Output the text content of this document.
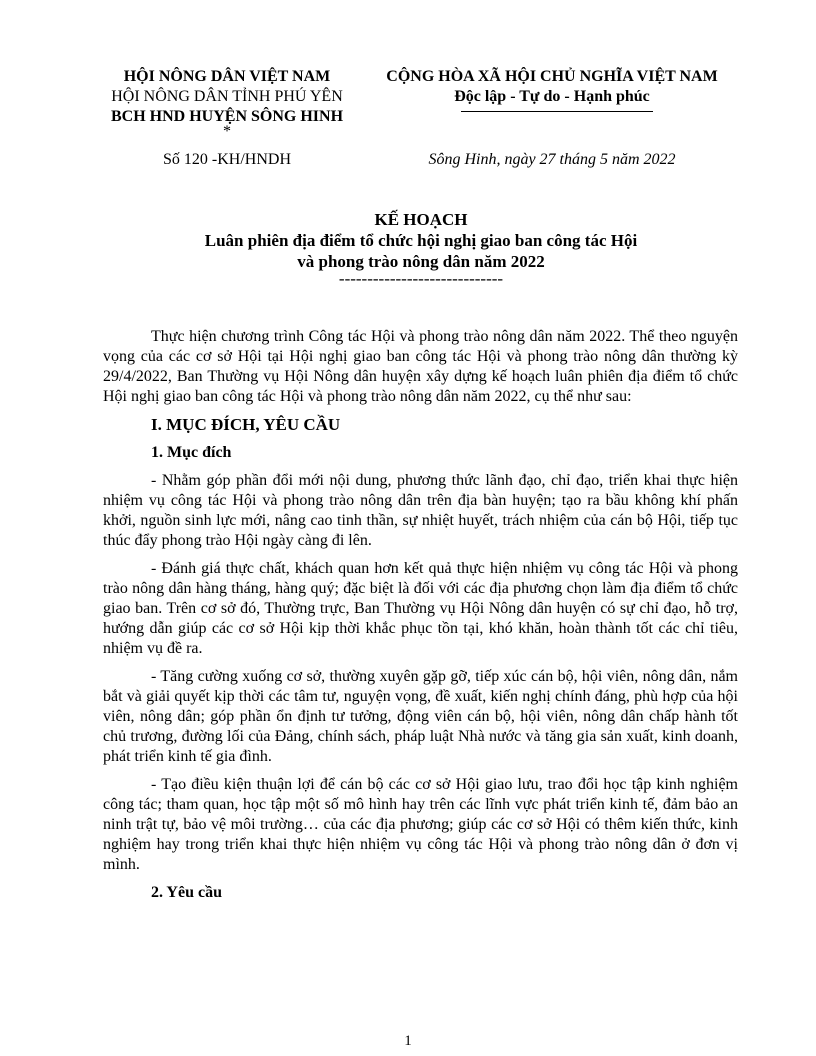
HỘI NÔNG DÂN VIỆT NAM
HỘI NÔNG DÂN TỈNH PHÚ YÊN
BCH HND HUYỆN SÔNG HINH
*
CỘNG HÒA XÃ HỘI CHỦ NGHĨA VIỆT NAM
Độc lập - Tự do - Hạnh phúc
Số 120 -KH/HNDH	Sông Hinh, ngày 27 tháng 5 năm 2022
KẾ HOẠCH
Luân phiên địa điểm tổ chức hội nghị giao ban công tác Hội
và phong trào nông dân năm 2022
-----------------------------

Thực hiện chương trình Công tác Hội và phong trào nông dân năm 2022. Thể theo nguyện vọng của các cơ sở Hội tại Hội nghị giao ban công tác Hội và phong trào nông dân thường kỳ 29/4/2022, Ban Thường vụ Hội Nông dân huyện xây dựng kế hoạch luân phiên địa điểm tổ chức Hội nghị giao ban công tác Hội và phong trào nông dân năm 2022, cụ thể như sau:

I. MỤC ĐÍCH, YÊU CẦU
1. Mục đích

- Nhằm góp phần đổi mới nội dung, phương thức lãnh đạo, chỉ đạo, triển khai thực hiện nhiệm vụ công tác Hội và phong trào nông dân trên địa bàn huyện; tạo ra bầu không khí phấn khởi, nguồn sinh lực mới, nâng cao tinh thần, sự nhiệt huyết, trách nhiệm của cán bộ Hội, tiếp tục thúc đẩy phong trào Hội ngày càng đi lên.

- Đánh giá thực chất, khách quan hơn kết quả thực hiện nhiệm vụ công tác Hội và phong trào nông dân hàng tháng, hàng quý; đặc biệt là đối với các địa phương chọn làm địa điểm tổ chức giao ban. Trên cơ sở đó, Thường trực, Ban Thường vụ Hội Nông dân huyện có sự chỉ đạo, hỗ trợ, hướng dẫn giúp các cơ sở Hội kịp thời khắc phục tồn tại, khó khăn, hoàn thành tốt các chỉ tiêu, nhiệm vụ đề ra.

- Tăng cường xuống cơ sở, thường xuyên gặp gỡ, tiếp xúc cán bộ, hội viên, nông dân, nắm bắt và giải quyết kịp thời các tâm tư, nguyện vọng, đề xuất, kiến nghị chính đáng, phù hợp của hội viên, nông dân; góp phần ổn định tư tưởng, động viên cán bộ, hội viên, nông dân chấp hành tốt chủ trương, đường lối của Đảng, chính sách, pháp luật Nhà nước và tăng gia sản xuất, kinh doanh, phát triển kinh tế gia đình.

- Tạo điều kiện thuận lợi để cán bộ các cơ sở Hội giao lưu, trao đổi học tập kinh nghiệm công tác; tham quan, học tập một số mô hình hay trên các lĩnh vực phát triển kinh tế, đảm bảo an ninh trật tự, bảo vệ môi trường… của các địa phương; giúp các cơ sở Hội có thêm kiến thức, kinh nghiệm hay trong triển khai thực hiện nhiệm vụ công tác Hội và phong trào nông dân ở đơn vị mình.

2. Yêu cầu
1
